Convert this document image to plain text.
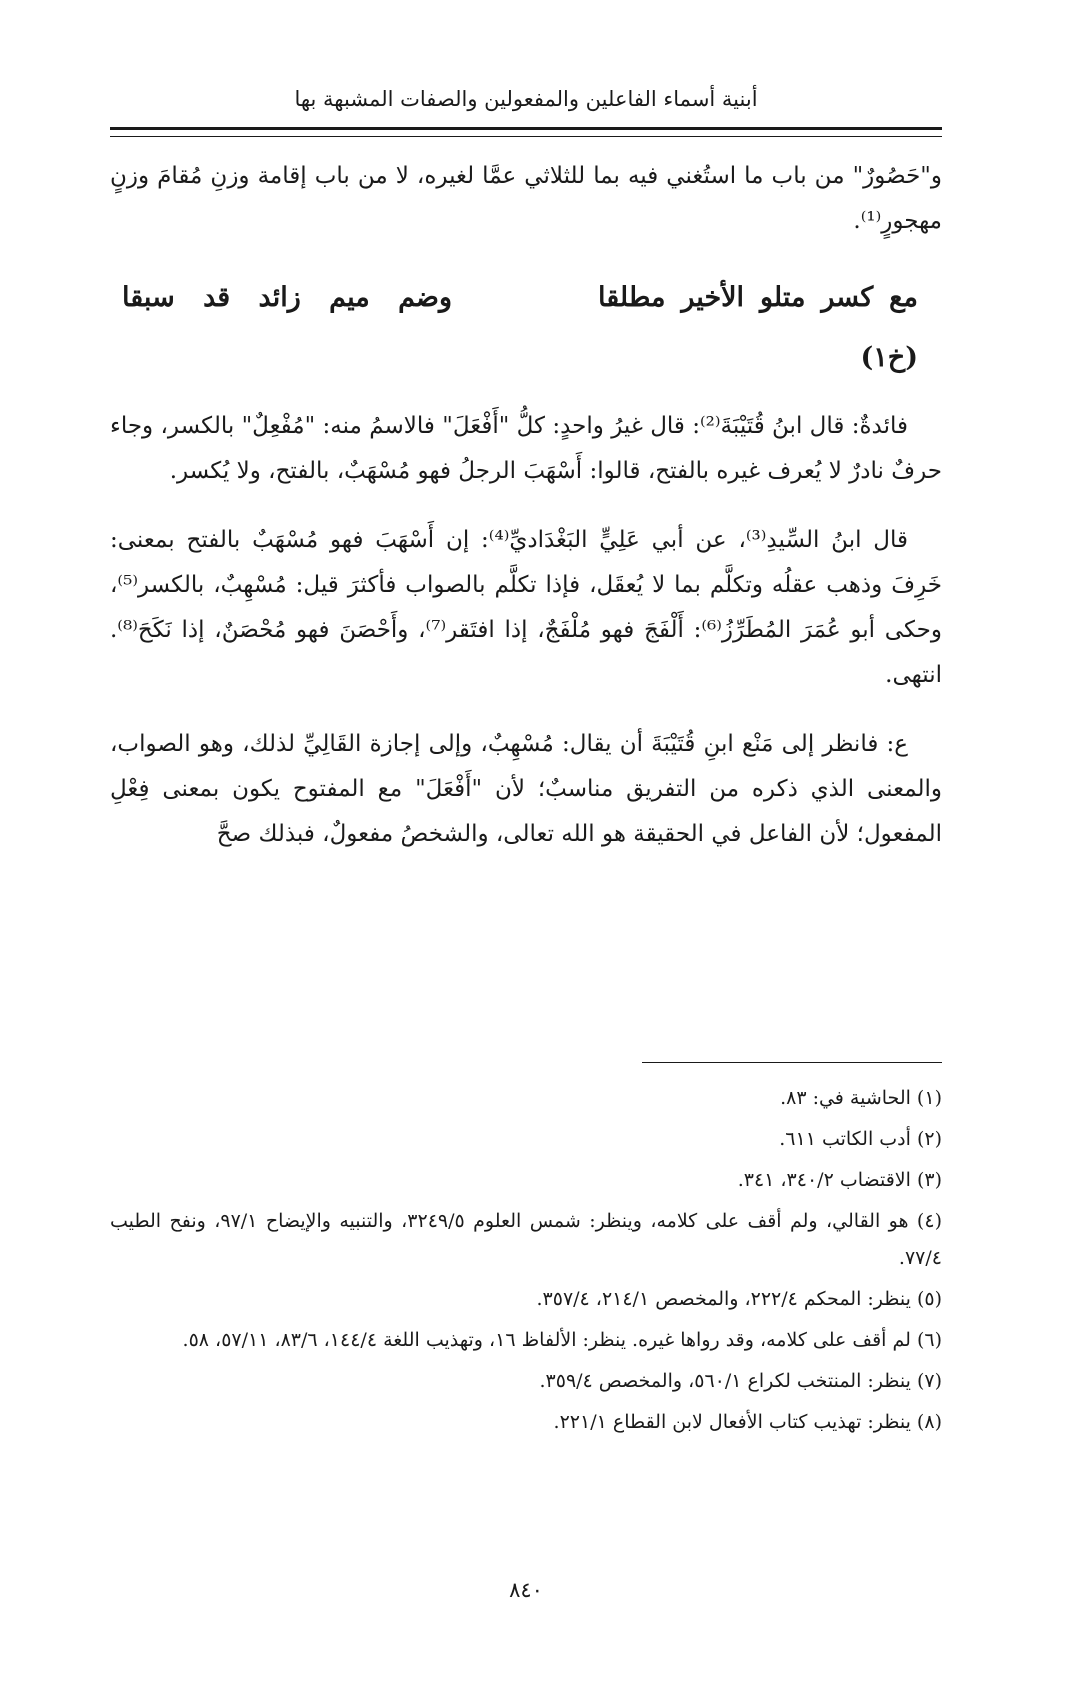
أبنية أسماء الفاعلين والمفعولين والصفات المشبهة بها

و"حَصُورٌ" من باب ما استُغني فيه بما للثلاثي عمَّا لغيره، لا من باب إقامة وزنِ مُقامَ وزنٍ مهجورٍ⁽¹⁾.

مع
كسر
متلو
الأخير
مطلقا
وضم
ميم
زائد
قد
سبقا
(خ١)

فائدةٌ: قال ابنُ قُتَيْبَةَ⁽²⁾: قال غيرُ واحدٍ: كلُّ "أَفْعَلَ" فالاسمُ منه: "مُفْعِلٌ" بالكسر، وجاء حرفٌ نادرٌ لا يُعرف غيره بالفتح، قالوا: أَسْهَبَ الرجلُ فهو مُسْهَبٌ، بالفتح، ولا يُكسر.

قال ابنُ السِّيدِ⁽³⁾، عن أبي عَلِيٍّ البَغْدَاديِّ⁽⁴⁾: إن أَسْهَبَ فهو مُسْهَبٌ بالفتح بمعنى: خَرِفَ وذهب عقلُه وتكلَّم بما لا يُعقَل، فإذا تكلَّم بالصواب فأكثرَ قيل: مُسْهِبٌ، بالكسر⁽⁵⁾، وحكى أبو عُمَرَ المُطَرِّزُ⁽⁶⁾: أَلْفَجَ فهو مُلْفَجٌ، إذا افتَقر⁽⁷⁾، وأَحْصَنَ فهو مُحْصَنٌ، إذا نَكَحَ⁽⁸⁾. انتهى.

ع: فانظر إلى مَنْع ابنِ قُتَيْبَةَ أن يقال: مُسْهِبٌ، وإلى إجازة القَالِيِّ لذلك، وهو الصواب، والمعنى الذي ذكره من التفريق مناسبٌ؛ لأن "أَفْعَلَ" مع المفتوح يكون بمعنى فِعْلِ المفعول؛ لأن الفاعل في الحقيقة هو الله تعالى، والشخصُ مفعولٌ، فبذلك صحَّ

(١) الحاشية في: ٨٣.
(٢) أدب الكاتب ٦١١.
(٣) الاقتضاب ٣٤٠/٢، ٣٤١.
(٤) هو القالي، ولم أقف على كلامه، وينظر: شمس العلوم ٣٢٤٩/٥، والتنبيه والإيضاح ٩٧/١، ونفح الطيب ٧٧/٤.
(٥) ينظر: المحكم ٢٢٢/٤، والمخصص ٢١٤/١، ٣٥٧/٤.
(٦) لم أقف على كلامه، وقد رواها غيره. ينظر: الألفاظ ١٦، وتهذيب اللغة ١٤٤/٤، ٨٣/٦، ٥٧/١١، ٥٨.
(٧) ينظر: المنتخب لكراع ٥٦٠/١، والمخصص ٣٥٩/٤.
(٨) ينظر: تهذيب كتاب الأفعال لابن القطاع ٢٢١/١.
٨٤٠
